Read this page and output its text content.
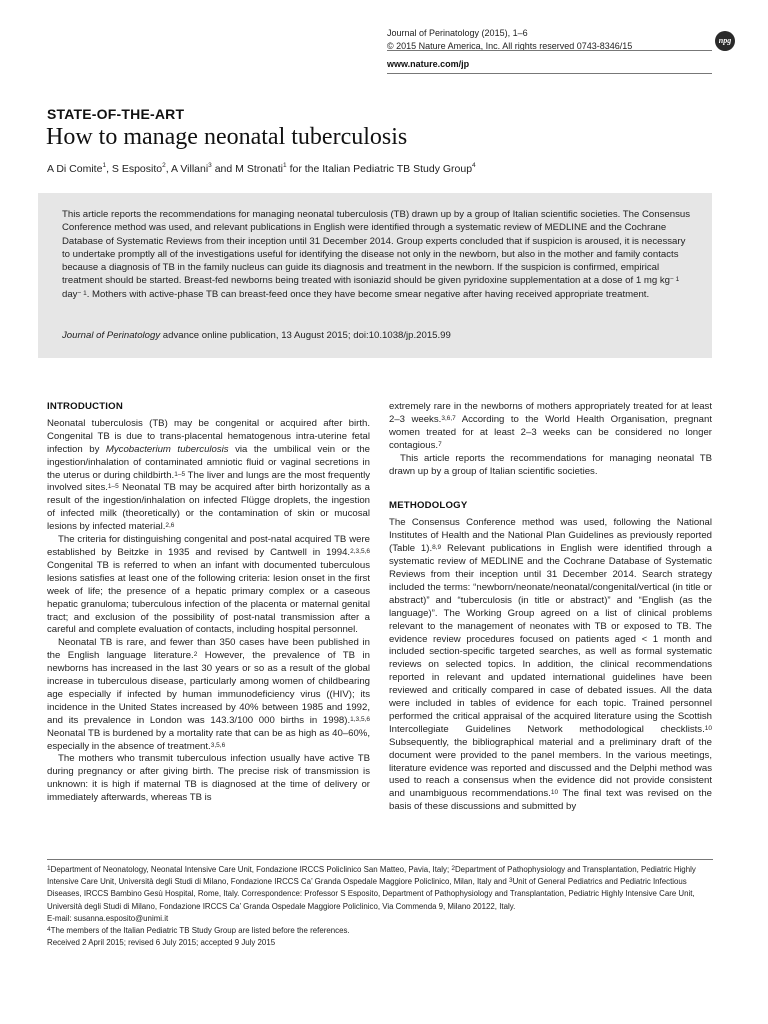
Journal of Perinatology (2015), 1–6
© 2015 Nature America, Inc. All rights reserved 0743-8346/15
www.nature.com/jp
npg
STATE-OF-THE-ART
How to manage neonatal tuberculosis
A Di Comite$^1$, S Esposito$^2$, A Villani$^3$ and M Stronati$^1$ for the Italian Pediatric TB Study Group$^4$
This article reports the recommendations for managing neonatal tuberculosis (TB) drawn up by a group of Italian scientific societies. The Consensus Conference method was used, and relevant publications in English were identified through a systematic review of MEDLINE and the Cochrane Database of Systematic Reviews from their inception until 31 December 2014. Group experts concluded that if suspicion is aroused, it is necessary to undertake promptly all of the investigations useful for identifying the disease not only in the newborn, but also in the mother and family contacts because a diagnosis of TB in the family nucleus can guide its diagnosis and treatment in the newborn. If the suspicion is confirmed, empirical treatment should be started. Breast-fed newborns being treated with isoniazid should be given pyridoxine supplementation at a dose of 1 mg $kg^{- 1}$ day$^{- 1}$. Mothers with active-phase TB can breast-feed once they have become smear negative after having received appropriate treatment.
Journal of Perinatology advance online publication, 13 August 2015; doi:10.1038/jp.2015.99
INTRODUCTION

Neonatal tuberculosis (TB) may be congenital or acquired after birth. Congenital TB is due to trans-placental hematogenous intra-uterine fetal infection by Mycobacterium tuberculosis via the umbilical vein or the ingestion/inhalation of contaminated amniotic fluid or vaginal secretions in the uterus or during childbirth.$^{1-5}$ The liver and lungs are the most frequently involved sites.$^{1-5}$ Neonatal TB may be acquired after birth horizontally as a result of the ingestion/inhalation on infected Flügge droplets, the ingestion of infected milk (theoretically) or the contamination of skin or mucosal lesions by infected material.$^{2,6}$

The criteria for distinguishing congenital and post-natal acquired TB were established by Beitzke in 1935 and revised by Cantwell in 1994.$^{2,3,5,6}$ Congenital TB is referred to when an infant with documented tuberculous lesions satisfies at least one of the following criteria: lesion onset in the first week of life; the presence of a hepatic primary complex or a caseous hepatic granuloma; tuberculous infection of the placenta or maternal genital tract; and exclusion of the possibility of post-natal transmission after a careful and complete evaluation of contacts, including hospital personnel.

Neonatal TB is rare, and fewer than 350 cases have been published in the English language literature.$^2$ However, the prevalence of TB in newborns has increased in the last 30 years or so as a result of the global increase in tuberculous disease, particularly among women of childbearing age especially if infected by human immunodeficiency virus ((HIV); its incidence in the United States increased by 40% between 1985 and 1992, and its prevalence in London was 143.3/100 000 births in 1998).$^{1,3,5,6}$ Neonatal TB is burdened by a mortality rate that can be as high as 40–60%, especially in the absence of treatment.$^{3,5,6}$

The mothers who transmit tuberculous infection usually have active TB during pregnancy or after giving birth. The precise risk of transmission is unknown: it is high if maternal TB is diagnosed at the time of delivery or immediately afterwards, whereas TB is

extremely rare in the newborns of mothers appropriately treated for at least 2–3 weeks.$^{3,6,7}$ According to the World Health Organisation, pregnant women treated for at least 2–3 weeks can be considered no longer contagious.$^7$

This article reports the recommendations for managing neonatal TB drawn up by a group of Italian scientific societies.

METHODOLOGY

The Consensus Conference method was used, following the National Institutes of Health and the National Plan Guidelines as previously reported (Table 1).$^{8,9}$ Relevant publications in English were identified through a systematic review of MEDLINE and the Cochrane Database of Systematic Reviews from their inception until 31 December 2014. Search strategy included the terms: “newborn/neonate/neonatal/congenital/vertical (in title or abstract)” and “tuberculosis (in title or abstract)” and “English (as the language)”. The Working Group agreed on a list of clinical problems relevant to the management of neonates with TB or exposed to TB. The evidence review procedures focused on patients aged < 1 month and included section-specific targeted searches, as well as formal systematic reviews on selected topics. In addition, the clinical recommendations reported in relevant and updated international guidelines have been reviewed and critically compared in case of debated issues. All the data were included in tables of evidence for each topic. Trained personnel performed the critical appraisal of the acquired literature using the Scottish Intercollegiate Guidelines Network methodological checklists.$^{10}$ Subsequently, the bibliographical material and a preliminary draft of the document were provided to the panel members. In the various meetings, literature evidence was reported and discussed and the Delphi method was used to reach a consensus when the evidence did not provide consistent and unambiguous recommendations.$^{10}$ The final text was revised on the basis of these discussions and submitted by

$^1$Department of Neonatology, Neonatal Intensive Care Unit, Fondazione IRCCS Policlinico San Matteo, Pavia, Italy; $^2$Department of Pathophysiology and Transplantation, Pediatric Highly Intensive Care Unit, Università degli Studi di Milano, Fondazione IRCCS Ca’ Granda Ospedale Maggiore Policlinico, Milan, Italy and $^3$Unit of General Pediatrics and Pediatric Infectious Diseases, IRCCS Bambino Gesù Hospital, Rome, Italy. Correspondence: Professor S Esposito, Department of Pathophysiology and Transplantation, Pediatric Highly Intensive Care Unit, Università degli Studi di Milano, Fondazione IRCCS Ca’ Granda Ospedale Maggiore Policlinico, Via Commenda 9, Milano 20122, Italy.
E-mail: susanna.esposito@unimi.it
$^4$The members of the Italian Pediatric TB Study Group are listed before the references.
Received 2 April 2015; revised 6 July 2015; accepted 9 July 2015
